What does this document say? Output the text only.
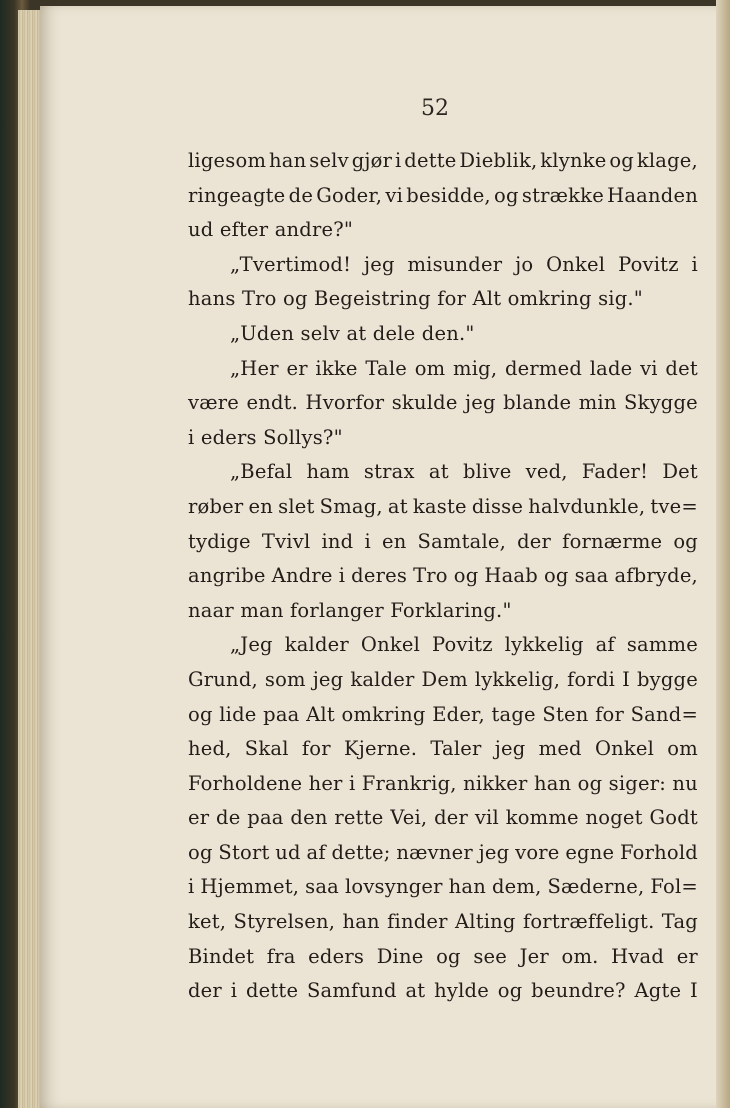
52
ligesom han selv gjør i dette Dieblik, klynke og klage,
ringeagte de Goder, vi besidde, og strække Haanden
ud efter andre?"
„Tvertimod! jeg misunder jo Onkel Povitz i
hans Tro og Begeistring for Alt omkring sig."
„Uden selv at dele den."
„Her er ikke Tale om mig, dermed lade vi det
være endt. Hvorfor skulde jeg blande min Skygge
i eders Sollys?"
„Befal ham strax at blive ved, Fader! Det
røber en slet Smag, at kaste disse halvdunkle, tve=
tydige Tvivl ind i en Samtale, der fornærme og
angribe Andre i deres Tro og Haab og saa afbryde,
naar man forlanger Forklaring."
„Jeg kalder Onkel Povitz lykkelig af samme
Grund, som jeg kalder Dem lykkelig, fordi I bygge
og lide paa Alt omkring Eder, tage Sten for Sand=
hed, Skal for Kjerne. Taler jeg med Onkel om
Forholdene her i Frankrig, nikker han og siger: nu
er de paa den rette Vei, der vil komme noget Godt
og Stort ud af dette; nævner jeg vore egne Forhold
i Hjemmet, saa lovsynger han dem, Sæderne, Fol=
ket, Styrelsen, han finder Alting fortræffeligt. Tag
Bindet fra eders Dine og see Jer om. Hvad er
der i dette Samfund at hylde og beundre? Agte I
